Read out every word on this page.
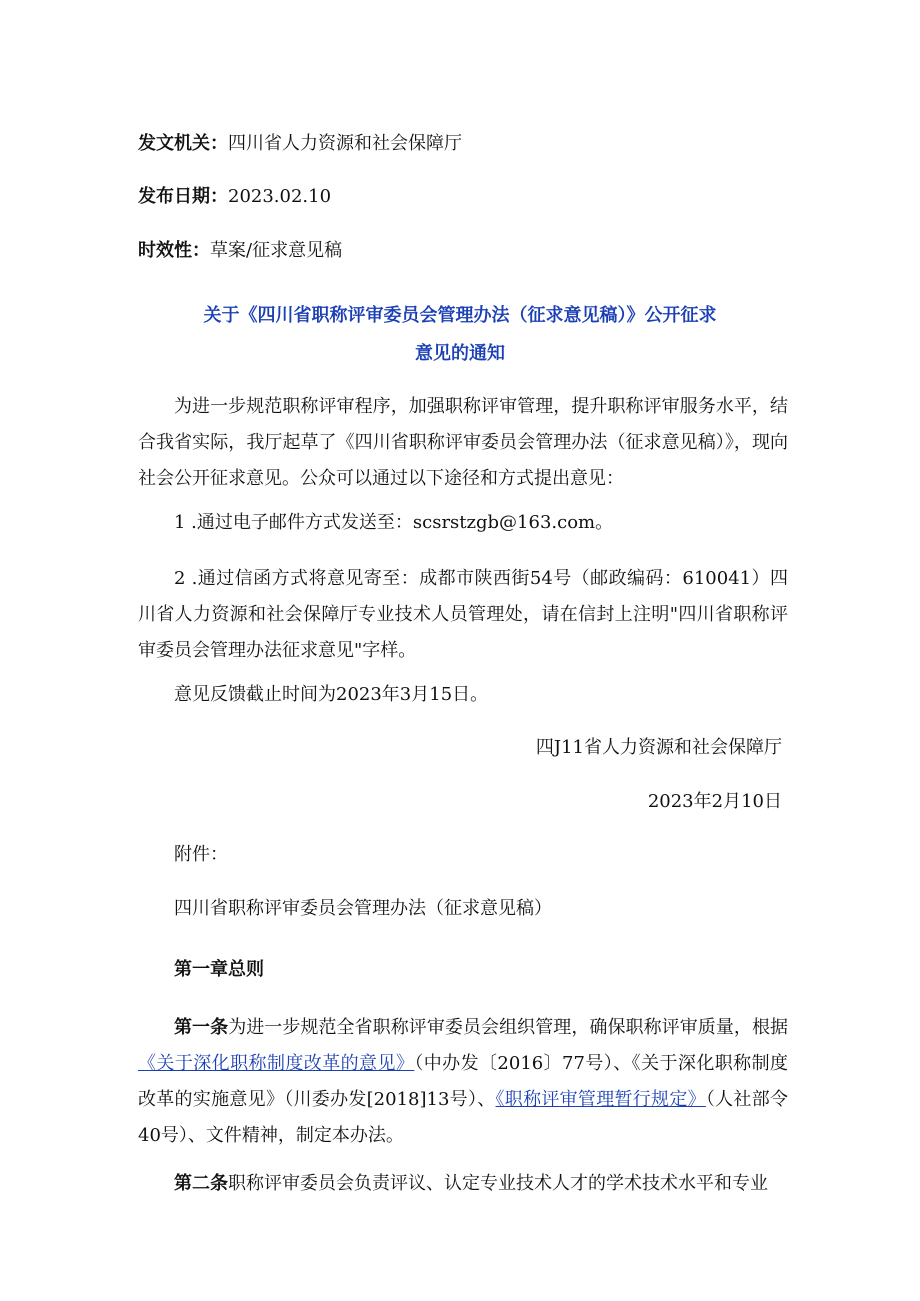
发文机关：四川省人力资源和社会保障厅
发布日期：2023.02.10
时效性：草案/征求意见稿
关于《四川省职称评审委员会管理办法（征求意见稿）》公开征求
意见的通知
为进一步规范职称评审程序，加强职称评审管理，提升职称评审服务水平，结合我省实际，我厅起草了《四川省职称评审委员会管理办法（征求意见稿）》，现向社会公开征求意见。公众可以通过以下途径和方式提出意见：
1 .通过电子邮件方式发送至：scsrstzgb@163.com。
2 .通过信函方式将意见寄至：成都市陕西街54号（邮政编码：610041）四川省人力资源和社会保障厅专业技术人员管理处，请在信封上注明"四川省职称评审委员会管理办法征求意见"字样。
意见反馈截止时间为2023年3月15日。
四J11省人力资源和社会保障厅
2023年2月10日
附件：
四川省职称评审委员会管理办法（征求意见稿）
第一章总则
第一条为进一步规范全省职称评审委员会组织管理，确保职称评审质量，根据《关于深化职称制度改革的意见》（中办发〔2016〕77号）、《关于深化职称制度改革的实施意见》（川委办发[2018]13号）、《职称评审管理暂行规定》（人社部令40号）、文件精神，制定本办法。
第二条职称评审委员会负责评议、认定专业技术人才的学术技术水平和专业
